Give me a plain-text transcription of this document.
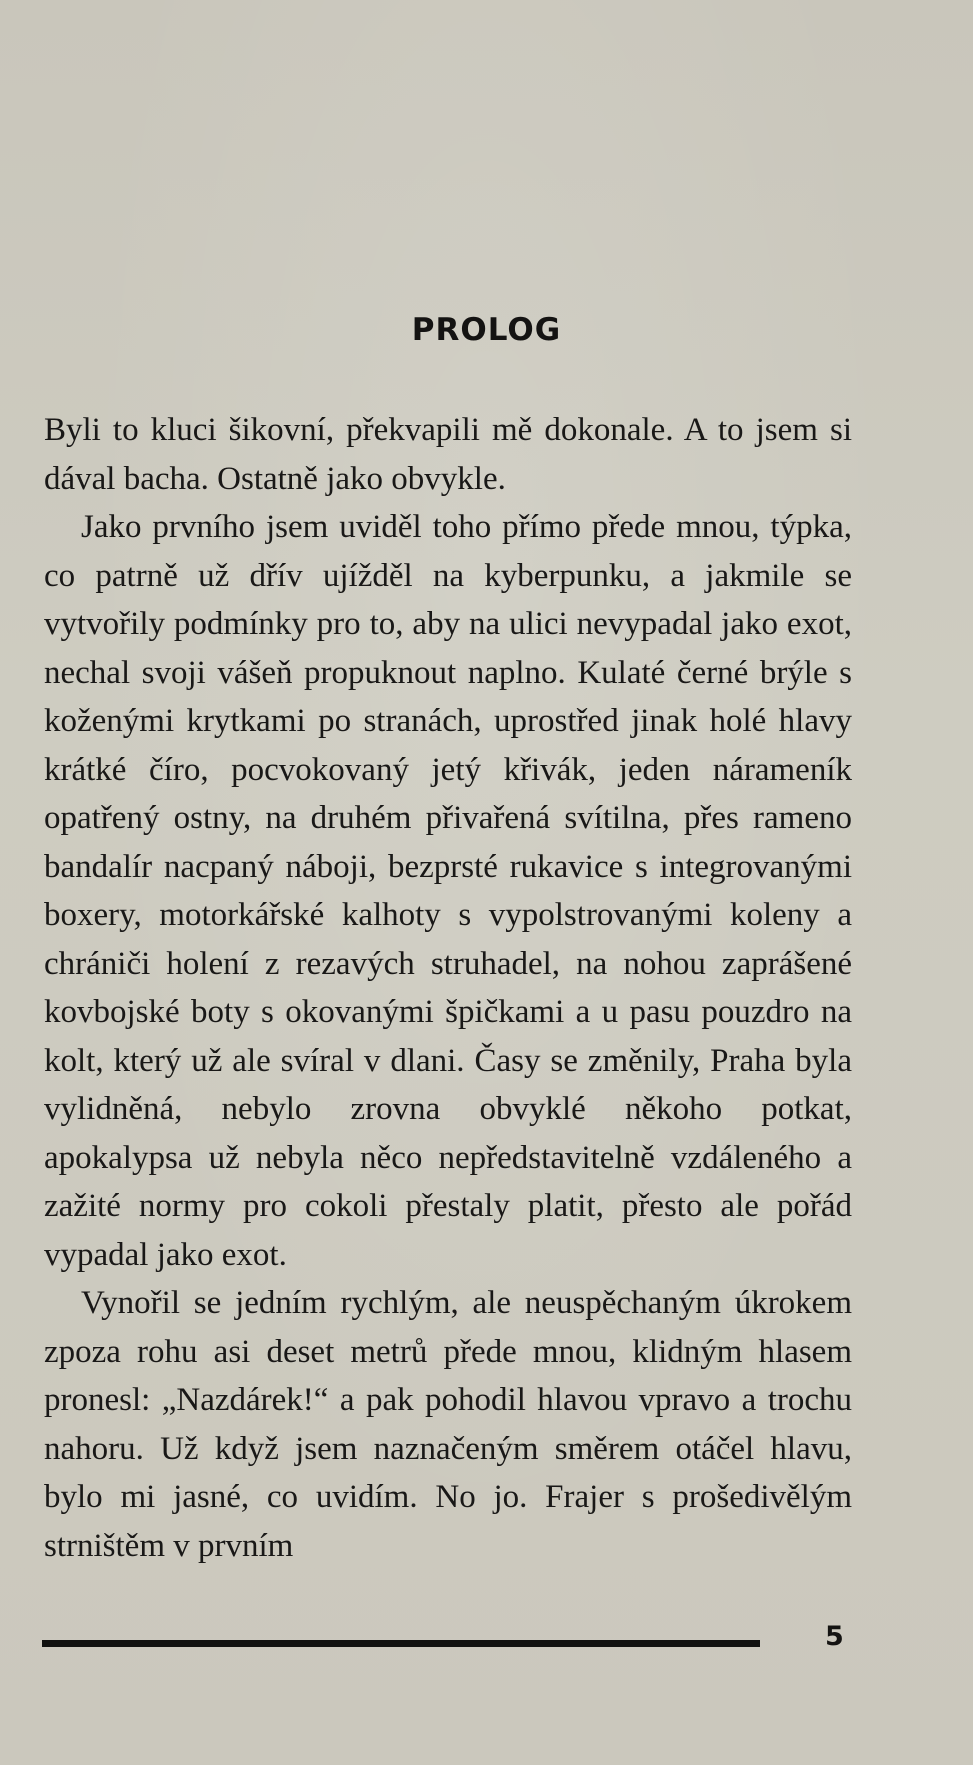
PROLOG

Byli to kluci šikovní, překvapili mě dokonale. A to jsem si dával bacha. Ostatně jako obvykle.

Jako prvního jsem uviděl toho přímo přede mnou, týpka, co patrně už dřív ujížděl na kyberpunku, a jakmile se vytvořily podmínky pro to, aby na ulici nevypadal jako exot, nechal svoji vášeň propuknout naplno. Kulaté černé brýle s koženými krytkami po stranách, uprostřed jinak holé hlavy krátké číro, pocvokovaný jetý křivák, jeden nárameník opatřený ostny, na druhém přivařená svítilna, přes rameno bandalír nacpaný náboji, bezprsté rukavice s integrovanými boxery, motorkářské kalhoty s vypolstrovanými koleny a chrániči holení z rezavých struhadel, na nohou zaprášené kovbojské boty s okovanými špičkami a u pasu pouzdro na kolt, který už ale svíral v dlani. Časy se změnily, Praha byla vylidněná, nebylo zrovna obvyklé někoho potkat, apokalypsa už nebyla něco nepředstavitelně vzdáleného a zažité normy pro cokoli přestaly platit, přesto ale pořád vypadal jako exot.

Vynořil se jedním rychlým, ale neuspěchaným úkrokem zpoza rohu asi deset metrů přede mnou, klidným hlasem pronesl: „Nazdárek!“ a pak pohodil hlavou vpravo a trochu nahoru. Už když jsem naznačeným směrem otáčel hlavu, bylo mi jasné, co uvidím. No jo. Frajer s prošedivělým strništěm v prvním

5
